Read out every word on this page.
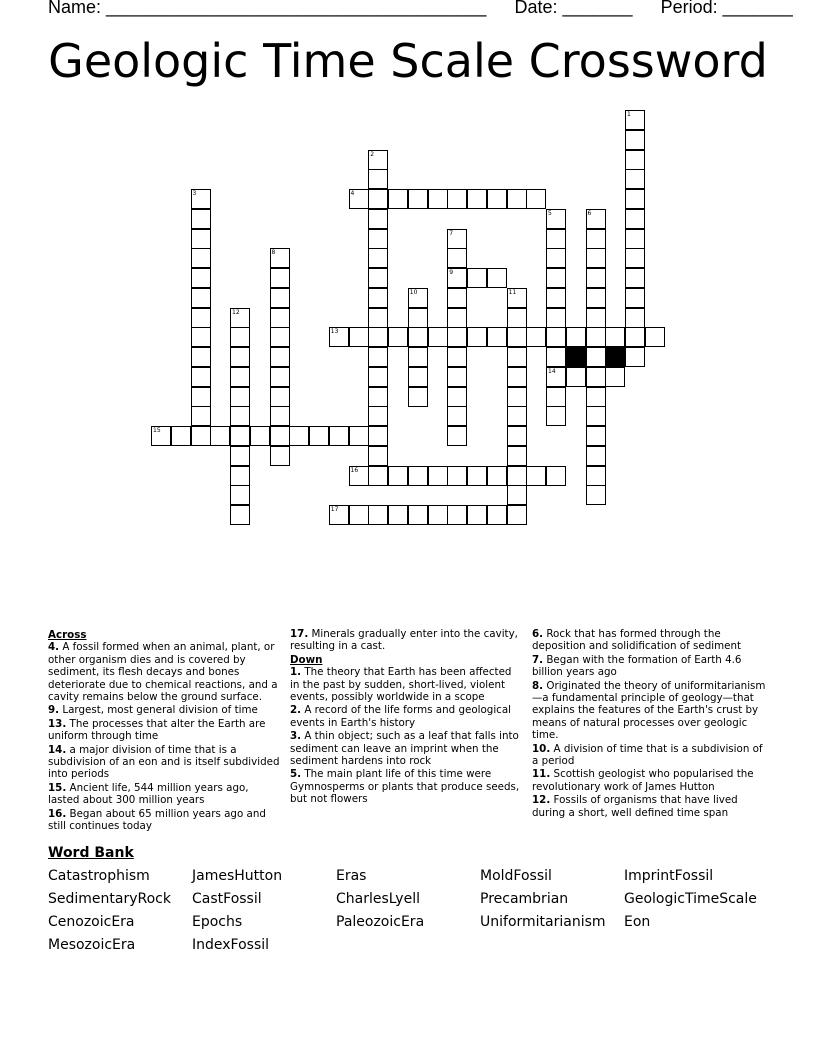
Name: ______________________________________ Date: _______ Period: _______
Geologic Time Scale Crossword
1
2
3	4
5
14
6
7
9
8
10	11
12
13
15
16
17
Across
4. A fossil formed when an animal, plant, or other organism dies and is covered by sediment, its flesh decays and bones deteriorate due to chemical reactions, and a cavity remains below the ground surface.
9. Largest, most general division of time
13. The processes that alter the Earth are uniform through time
14. a major division of time that is a subdivision of an eon and is itself subdivided into periods
15. Ancient life, 544 million years ago, lasted about 300 million years
16. Began about 65 million years ago and still continues today
17. Minerals gradually enter into the cavity, resulting in a cast.
Down
1. The theory that Earth has been affected in the past by sudden, short-lived, violent events, possibly worldwide in a scope
2. A record of the life forms and geological events in Earth's history
3. A thin object; such as a leaf that falls into sediment can leave an imprint when the sediment hardens into rock
5. The main plant life of this time were Gymnosperms or plants that produce seeds, but not flowers
6. Rock that has formed through the deposition and solidification of sediment
7. Began with the formation of Earth 4.6 billion years ago
8. Originated the theory of uniformitarianism—a fundamental principle of geology—that explains the features of the Earth's crust by means of natural processes over geologic time.
10. A division of time that is a subdivision of a period
11. Scottish geologist who popularised the revolutionary work of James Hutton
12. Fossils of organisms that have lived during a short, well defined time span
Word Bank
Catastrophism	JamesHutton	Eras	MoldFossil	ImprintFossil
SedimentaryRock	CastFossil	CharlesLyell	Precambrian	GeologicTimeScale
CenozoicEra	Epochs	PaleozoicEra	Uniformitarianism	Eon
MesozoicEra	IndexFossil
